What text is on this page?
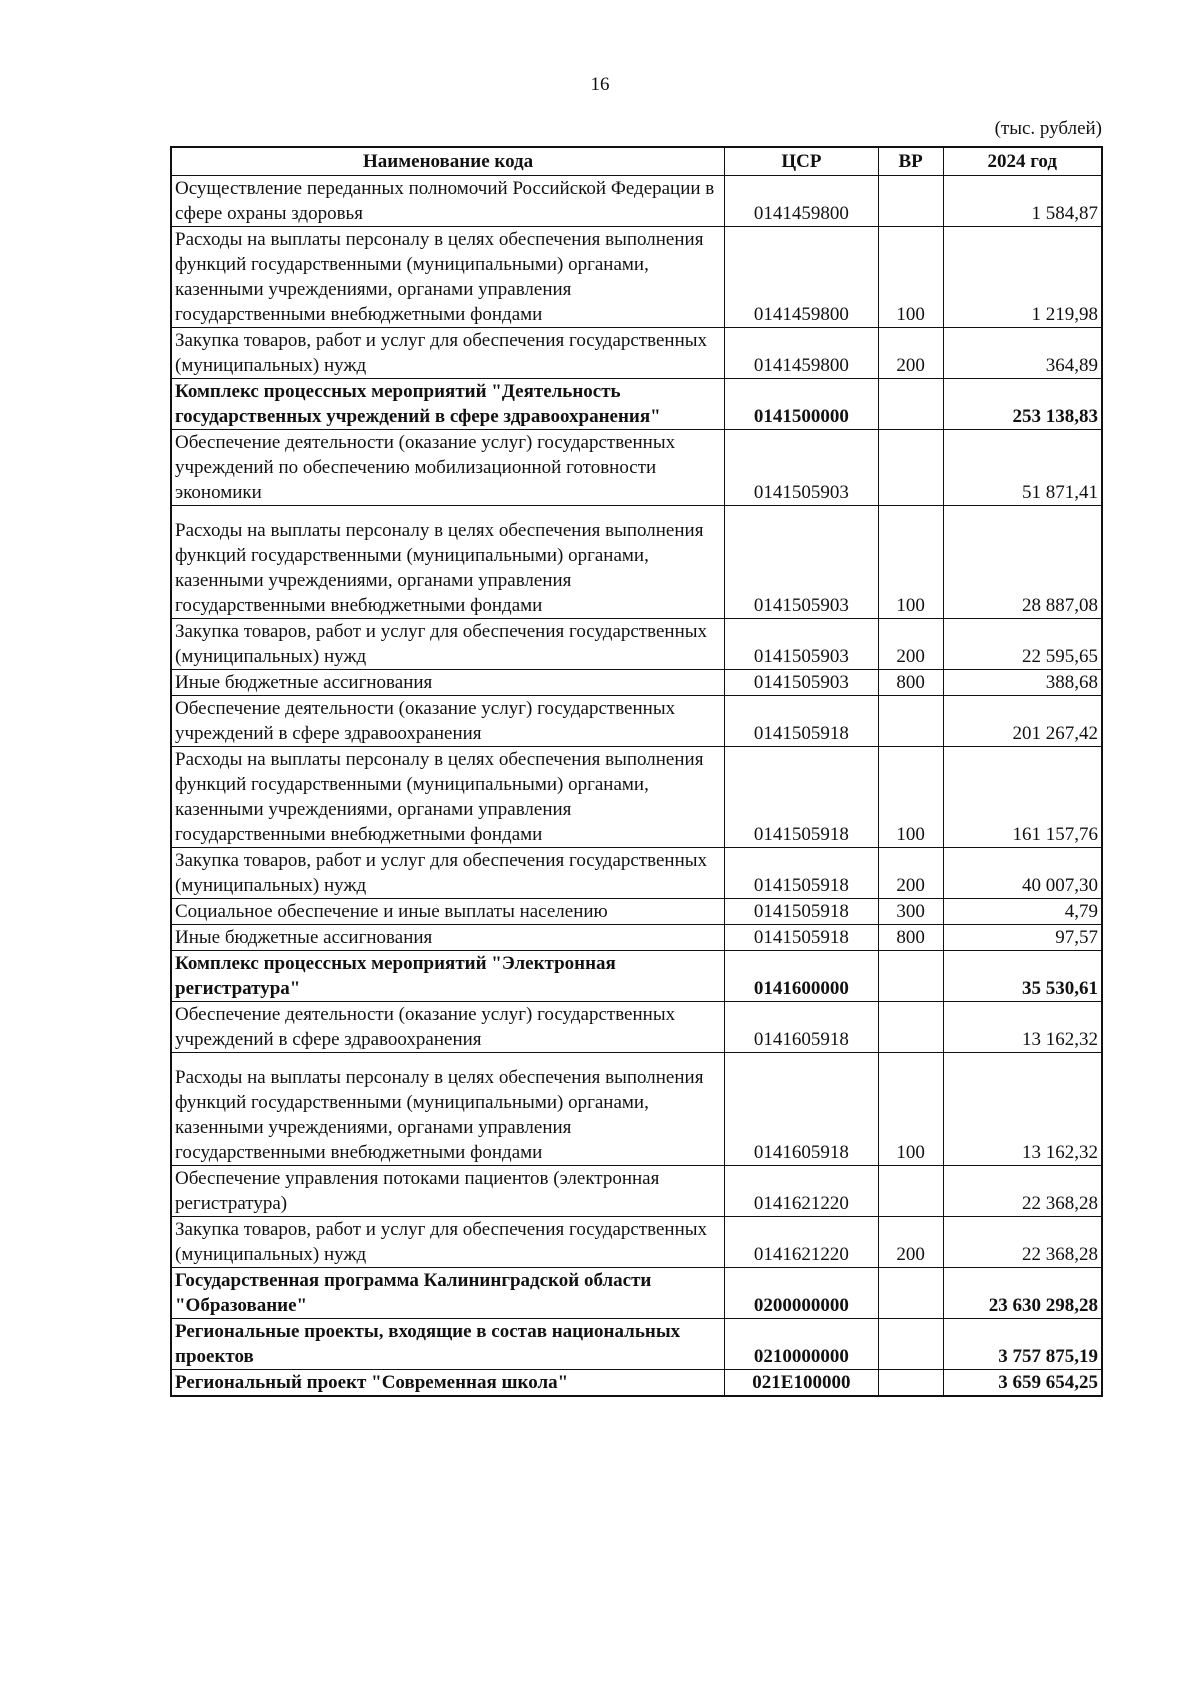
16
(тыс. рублей)
Наименование кода	ЦСР	ВР	2024 год
Осуществление переданных полномочий Российской Федерации в сфере охраны здоровья	0141459800		1 584,87
Расходы на выплаты персоналу в целях обеспечения выполнения функций государственными (муниципальными) органами, казенными учреждениями, органами управления государственными внебюджетными фондами	0141459800	100	1 219,98
Закупка товаров, работ и услуг для обеспечения государственных (муниципальных) нужд	0141459800	200	364,89
Комплекс процессных мероприятий "Деятельность государственных учреждений в сфере здравоохранения"	0141500000		253 138,83
Обеспечение деятельности (оказание услуг) государственных учреждений по обеспечению мобилизационной готовности экономики	0141505903		51 871,41
Расходы на выплаты персоналу в целях обеспечения выполнения функций государственными (муниципальными) органами, казенными учреждениями, органами управления государственными внебюджетными фондами	0141505903	100	28 887,08
Закупка товаров, работ и услуг для обеспечения государственных (муниципальных) нужд	0141505903	200	22 595,65
Иные бюджетные ассигнования	0141505903	800	388,68
Обеспечение деятельности (оказание услуг) государственных учреждений в сфере здравоохранения	0141505918		201 267,42
Расходы на выплаты персоналу в целях обеспечения выполнения функций государственными (муниципальными) органами, казенными учреждениями, органами управления государственными внебюджетными фондами	0141505918	100	161 157,76
Закупка товаров, работ и услуг для обеспечения государственных (муниципальных) нужд	0141505918	200	40 007,30
Социальное обеспечение и иные выплаты населению	0141505918	300	4,79
Иные бюджетные ассигнования	0141505918	800	97,57
Комплекс процессных мероприятий "Электронная регистратура"	0141600000		35 530,61
Обеспечение деятельности (оказание услуг) государственных учреждений в сфере здравоохранения	0141605918		13 162,32
Расходы на выплаты персоналу в целях обеспечения выполнения функций государственными (муниципальными) органами, казенными учреждениями, органами управления государственными внебюджетными фондами	0141605918	100	13 162,32
Обеспечение управления потоками пациентов (электронная регистратура)	0141621220		22 368,28
Закупка товаров, работ и услуг для обеспечения государственных (муниципальных) нужд	0141621220	200	22 368,28
Государственная программа Калининградской области "Образование"	0200000000		23 630 298,28
Региональные проекты, входящие в состав национальных проектов	0210000000		3 757 875,19
Региональный проект "Современная школа"	021Е100000		3 659 654,25
